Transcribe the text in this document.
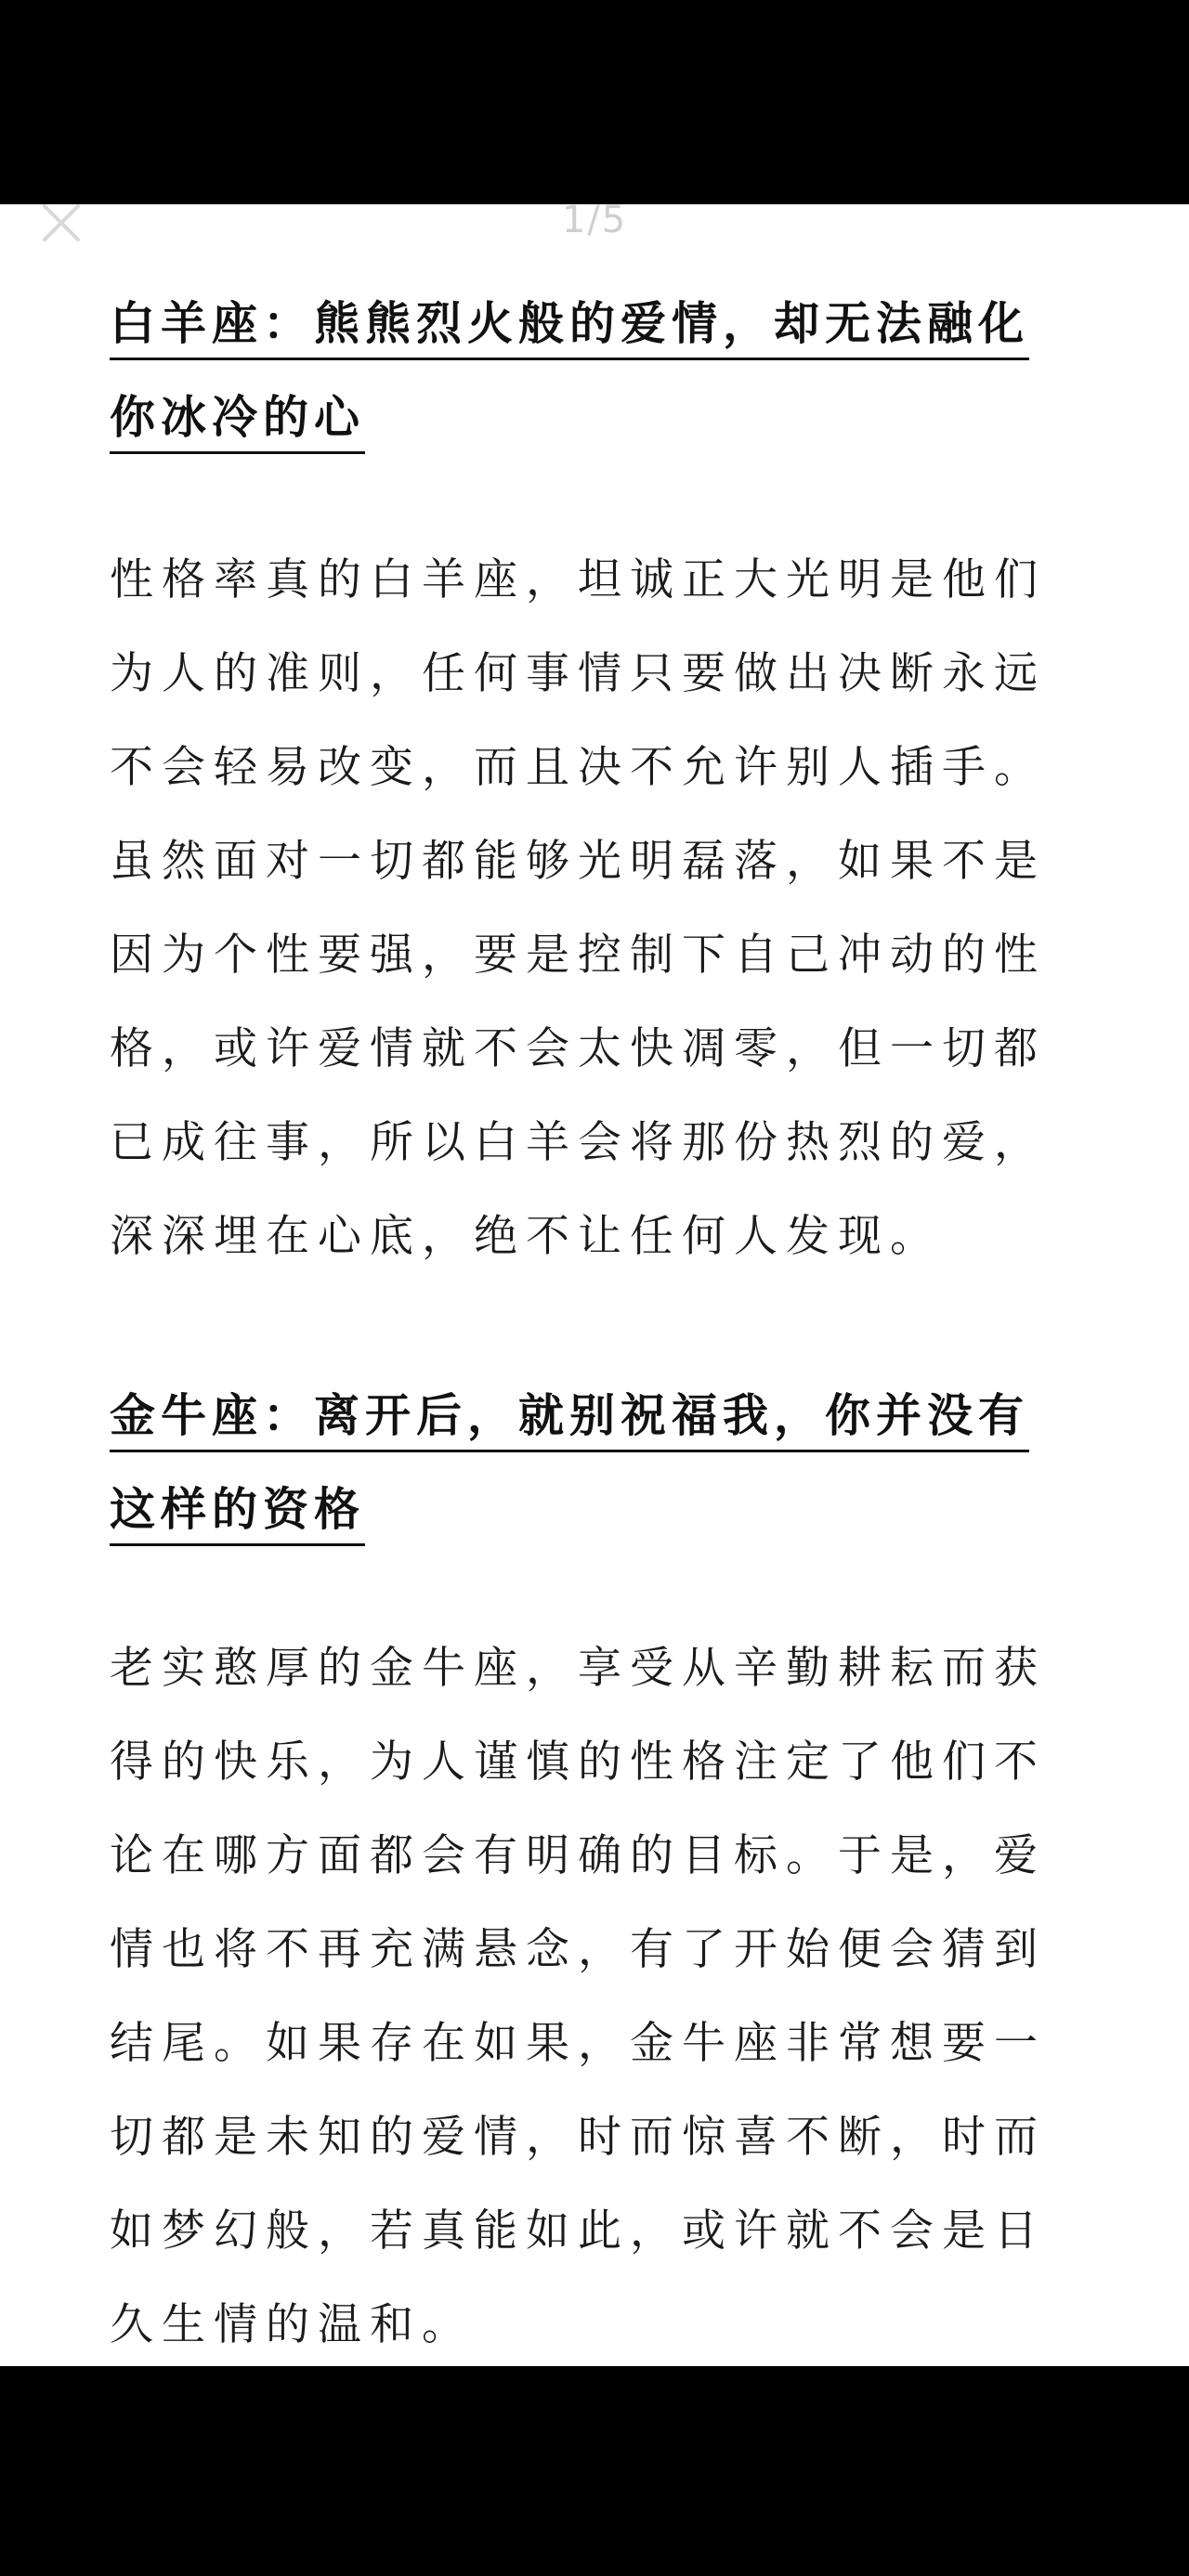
白羊座：熊熊烈火般的爱情，却无法融化
你冰冷的心

性格率真的白羊座，坦诚正大光明是他们为人的准则，任何事情只要做出决断永远不会轻易改变，而且决不允许别人插手。虽然面对一切都能够光明磊落，如果不是因为个性要强，要是控制下自己冲动的性格，或许爱情就不会太快凋零，但一切都已成往事，所以白羊会将那份热烈的爱，深深埋在心底，绝不让任何人发现。

金牛座：离开后，就别祝福我，你并没有
这样的资格

老实憨厚的金牛座，享受从辛勤耕耘而获得的快乐，为人谨慎的性格注定了他们不论在哪方面都会有明确的目标。于是，爱情也将不再充满悬念，有了开始便会猜到结尾。如果存在如果，金牛座非常想要一切都是未知的爱情，时而惊喜不断，时而如梦幻般，若真能如此，或许就不会是日久生情的温和。

1/5
